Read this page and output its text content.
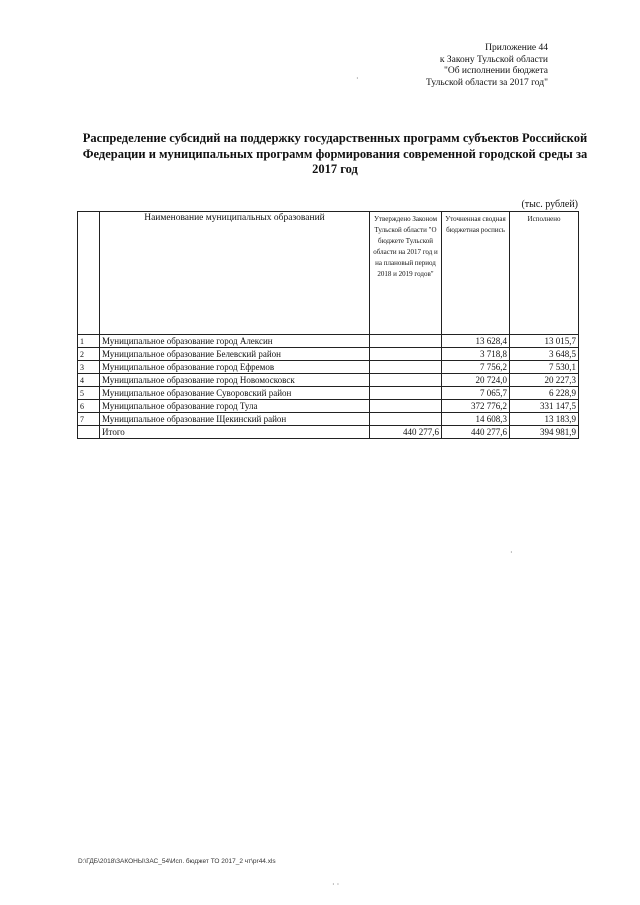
Приложение 44
к Закону Тульской области
"Об исполнении бюджета
Тульской области за 2017 год"
·
Распределение субсидий на поддержку государственных программ субъектов Российской Федерации и муниципальных программ формирования современной городской среды за 2017 год
(тыс. рублей)
	Наименование муниципальных образований	Утверждено Законом Тульской области "О бюджете Тульской области на 2017 год и на плановый период 2018 и 2019 годов"	Уточненная сводная бюджетная роспись	Исполнено
1	Муниципальное образование город Алексин		13 628,4	13 015,7
2	Муниципальное образование Белевский район		3 718,8	3 648,5
3	Муниципальное образование город Ефремов		7 756,2	7 530,1
4	Муниципальное образование город Новомосковск		20 724,0	20 227,3
5	Муниципальное образование Суворовский район		7 065,7	6 228,9
6	Муниципальное образование город Тула		372 776,2	331 147,5
7	Муниципальное образование Щекинский район		14 608,3	13 183,9
	Итого	440 277,6	440 277,6	394 981,9
·
D:\ГДБ\2018\ЗАКОНЫ\ЗАС_54\Исп. бюджет ТО 2017_2 чт\pr44.xls
· ·
